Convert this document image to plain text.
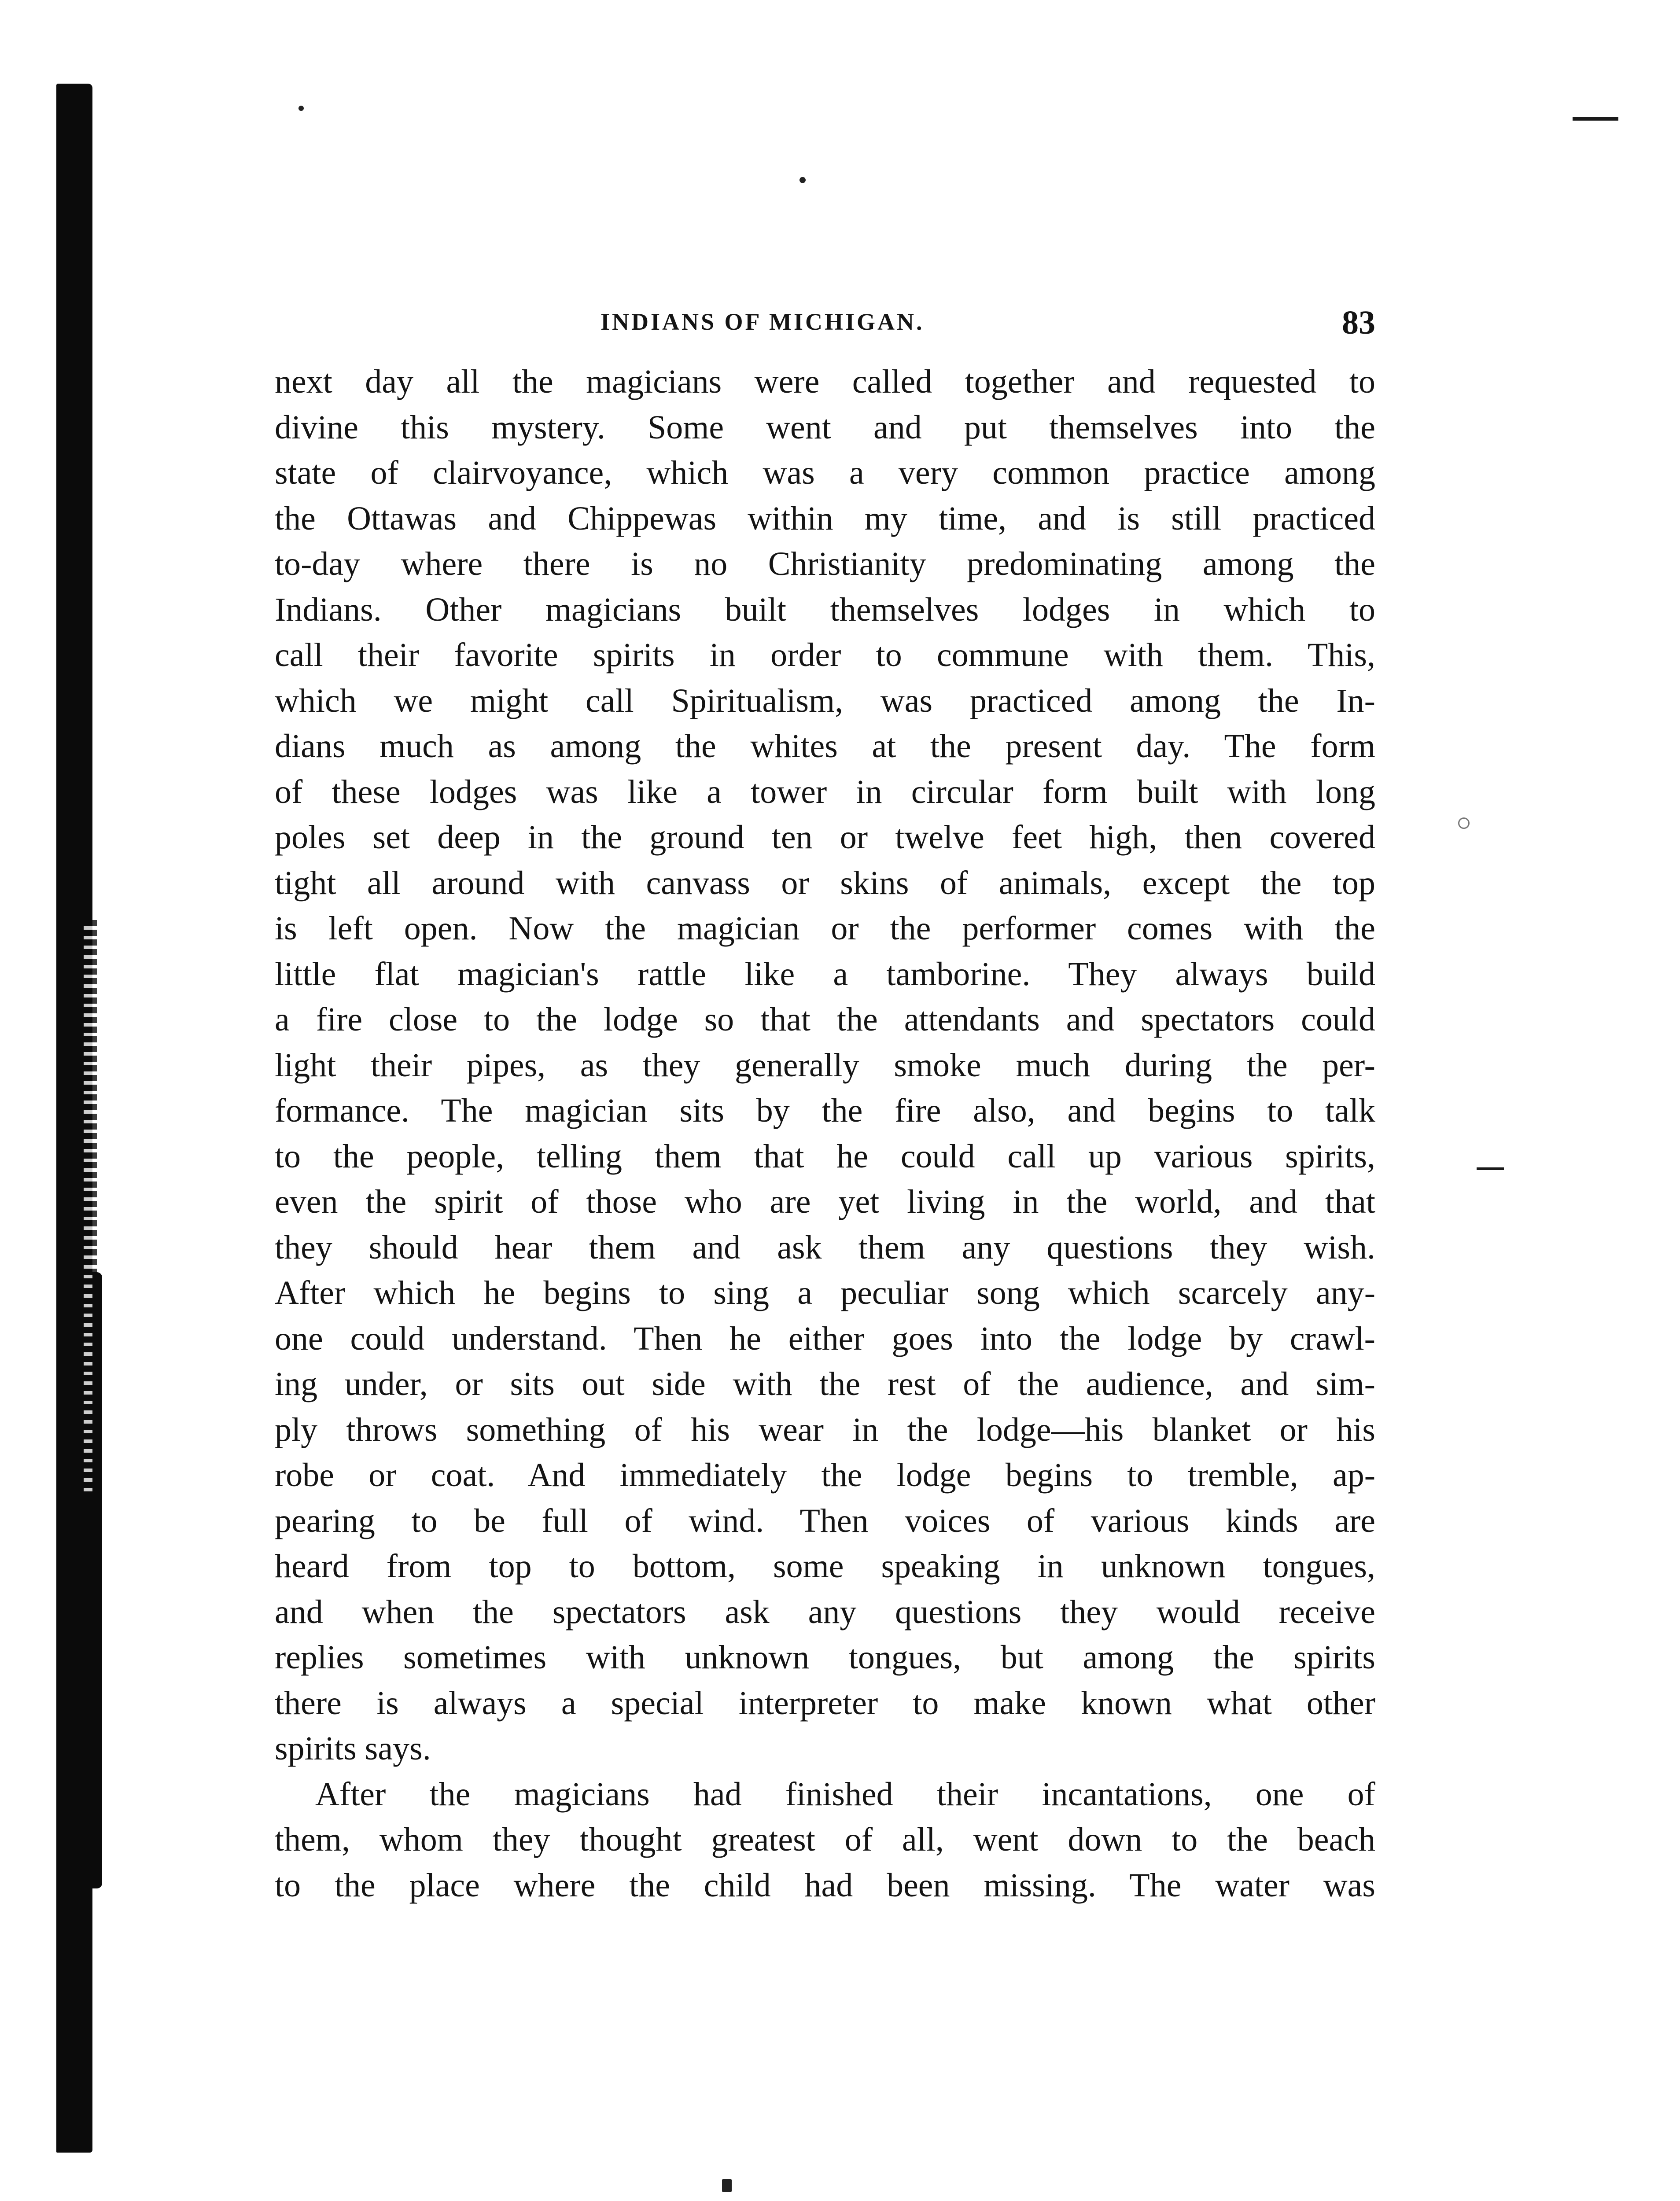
INDIANS OF MICHIGAN.	83
next day all the magicians were called together and requested to
divine this mystery. Some went and put themselves into the
state of clairvoyance, which was a very common practice among
the Ottawas and Chippewas within my time, and is still practiced
to-day where there is no Christianity predominating among the
Indians. Other magicians built themselves lodges in which to
call their favorite spirits in order to commune with them. This,
which we might call Spiritualism, was practiced among the In-
dians much as among the whites at the present day. The form
of these lodges was like a tower in circular form built with long
poles set deep in the ground ten or twelve feet high, then covered
tight all around with canvass or skins of animals, except the top
is left open. Now the magician or the performer comes with the
little flat magician's rattle like a tamborine. They always build
a fire close to the lodge so that the attendants and spectators could
light their pipes, as they generally smoke much during the per-
formance. The magician sits by the fire also, and begins to talk
to the people, telling them that he could call up various spirits,
even the spirit of those who are yet living in the world, and that
they should hear them and ask them any questions they wish.
After which he begins to sing a peculiar song which scarcely any-
one could understand. Then he either goes into the lodge by crawl-
ing under, or sits out side with the rest of the audience, and sim-
ply throws something of his wear in the lodge—his blanket or his
robe or coat. And immediately the lodge begins to tremble, ap-
pearing to be full of wind. Then voices of various kinds are
heard from top to bottom, some speaking in unknown tongues,
and when the spectators ask any questions they would receive
replies sometimes with unknown tongues, but among the spirits
there is always a special interpreter to make known what other
spirits says.
After the magicians had finished their incantations, one of
them, whom they thought greatest of all, went down to the beach
to the place where the child had been missing. The water was
